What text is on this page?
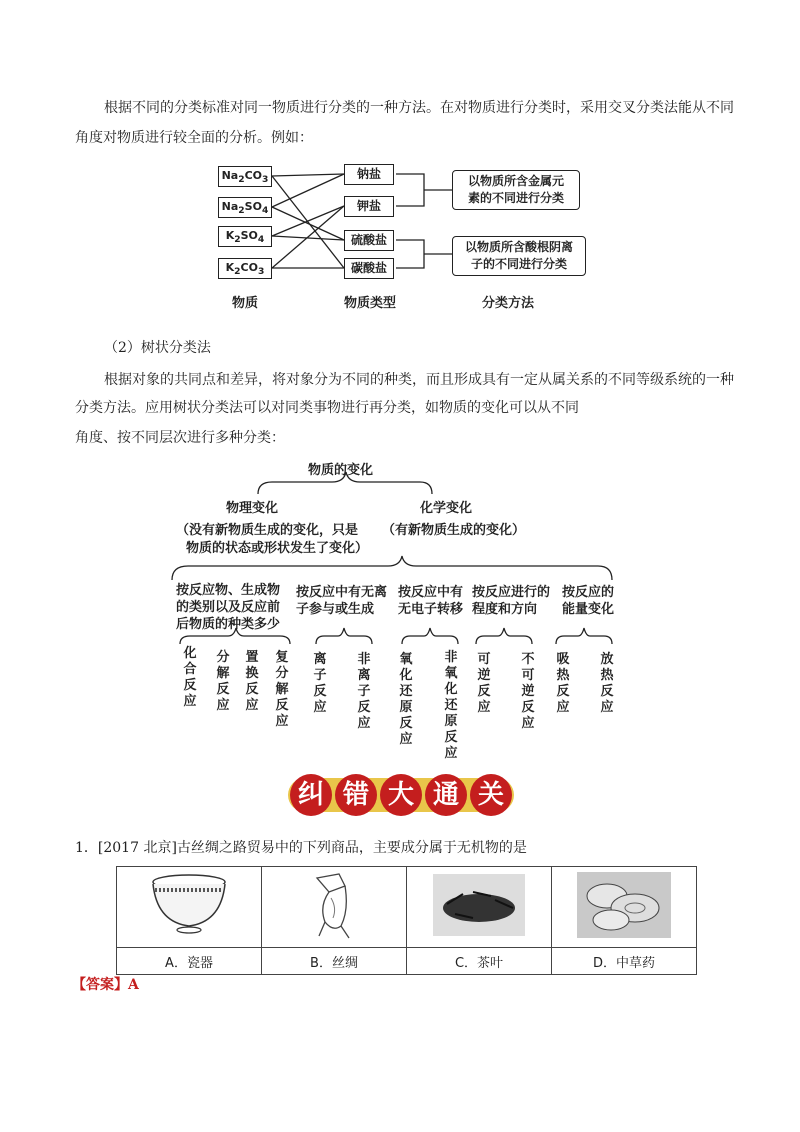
根据不同的分类标准对同一物质进行分类的一种方法。在对物质进行分类时，采用交叉分类法能从不同
角度对物质进行较全面的分析。例如：
$Na_2CO_3$
$Na_2SO_4$
$K_2SO_4$
$K_2CO_3$
钠盐
钾盐
硫酸盐
碳酸盐
以物质所含金属元
素的不同进行分类
以物质所含酸根阴离
子的不同进行分类
物质	物质类型	分类方法
（2）树状分类法
根据对象的共同点和差异，将对象分为不同的种类，而且形成具有一定从属关系的不同等级系统的一种
分类方法。应用树状分类法可以对同类事物进行再分类，如物质的变化可以从不同
角度、按不同层次进行多种分类：
物质的变化
物理变化
（没有新物质生成的变化，只是
物质的状态或形状发生了变化）
化学变化
（有新物质生成的变化）
按反应物、生成物
的类别以及反应前
后物质的种类多少
按反应中有无离
子参与或生成
按反应中有
无电子转移
按反应进行的
程度和方向
按反应的
能量变化
化合反应
分解反应
置换反应
复分解反应
离子反应
非离子反应
氧化还原反应
非氧化还原反应
可逆反应
不可逆反应
吸热反应
放热反应
纠 错 大 通 关
1．[2017 北京]古丝绸之路贸易中的下列商品，主要成分属于无机物的是

A．瓷器	B．丝绸	C．茶叶	D．中草药
【答案】A
